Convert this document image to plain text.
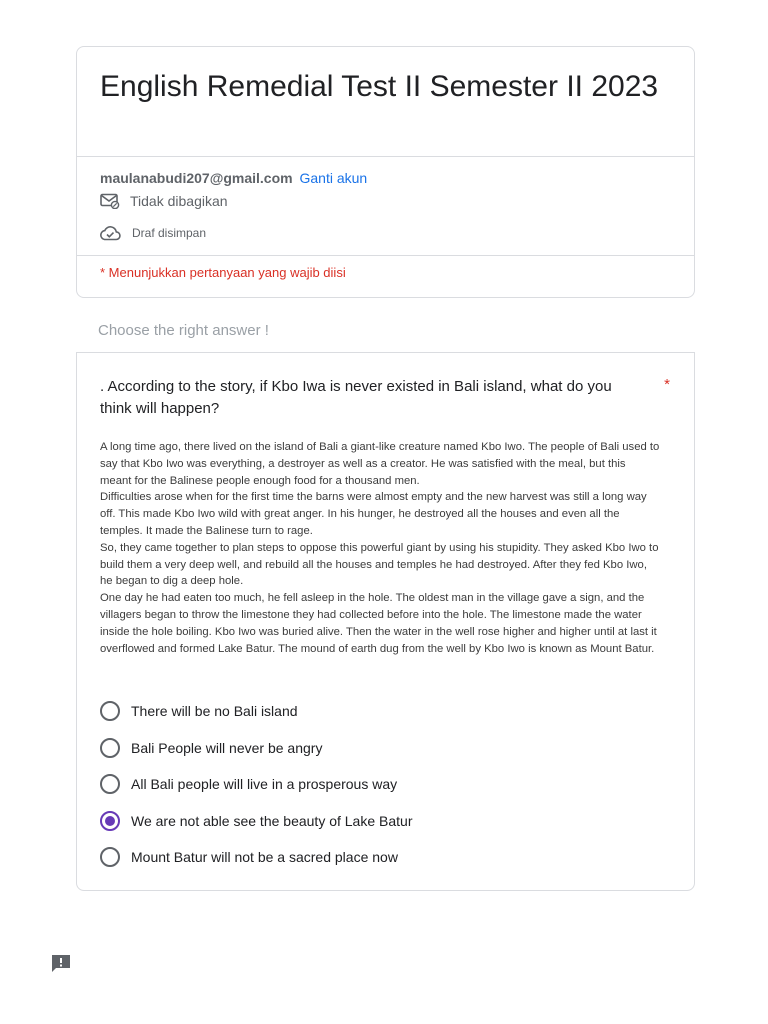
English Remedial Test II Semester II 2023
maulanabudi207@gmail.com Ganti akun
* Menunjukkan pertanyaan yang wajib diisi
Tidak dibagikan
Draf disimpan
Choose the right answer !
. According to the story, if Kbo Iwa is never existed in Bali island, what do you think will happen?
*

A long time ago, there lived on the island of Bali a giant-like creature named Kbo Iwo. The people of Bali used to say that Kbo Iwo was everything, a destroyer as well as a creator. He was satisfied with the meal, but this meant for the Balinese people enough food for a thousand men.

Difficulties arose when for the first time the barns were almost empty and the new harvest was still a long way off. This made Kbo Iwo wild with great anger. In his hunger, he destroyed all the houses and even all the temples. It made the Balinese turn to rage.

So, they came together to plan steps to oppose this powerful giant by using his stupidity. They asked Kbo Iwo to build them a very deep well, and rebuild all the houses and temples he had destroyed. After they fed Kbo Iwo, he began to dig a deep hole.

One day he had eaten too much, he fell asleep in the hole. The oldest man in the village gave a sign, and the villagers began to throw the limestone they had collected before into the hole. The limestone made the water inside the hole boiling. Kbo Iwo was buried alive. Then the water in the well rose higher and higher until at last it overflowed and formed Lake Batur. The mound of earth dug from the well by Kbo Iwo is known as Mount Batur.

There will be no Bali island
Bali People will never be angry
All Bali people will live in a prosperous way
We are not able see the beauty of Lake Batur
Mount Batur will not be a sacred place now
